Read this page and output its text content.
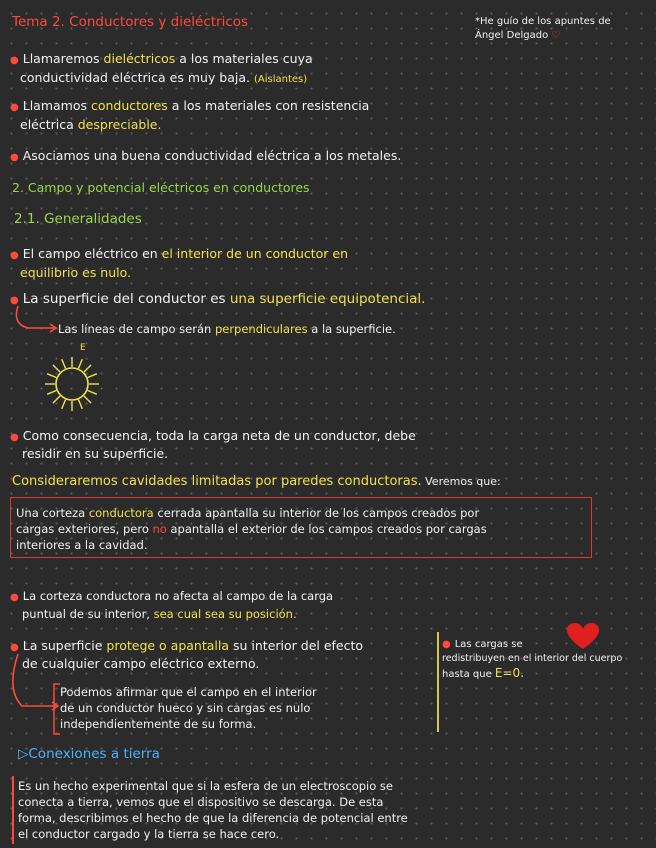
Tema 2. Conductores y dieléctricos	*He guío de los apuntes de
Ángel Delgado ♡
● Llamaremos dieléctricos a los materiales cuya
conductividad eléctrica es muy baja. (Aislantes)
● Llamamos conductores a los materiales con resistencia
eléctrica despreciable.
● Asociamos una buena conductividad eléctrica a los metales.
2. Campo y potencial eléctricos en conductores
2.1. Generalidades
● El campo eléctrico en el interior de un conductor en
equilibrio es nulo.
● La superficie del conductor es una superficie equipotencial.
Las líneas de campo serán perpendiculares a la superficie.
E
● Como consecuencia, toda la carga neta de un conductor, debe
residir en su superficie.
Consideraremos cavidades limitadas por paredes conductoras. Veremos que:
Una corteza conductora cerrada apantalla su interior de los campos creados por
cargas exteriores, pero no apantalla el exterior de los campos creados por cargas
interiores a la cavidad.
● La corteza conductora no afecta al campo de la carga
puntual de su interior, sea cual sea su posición.
● La superficie protege o apantalla su interior del efecto
de cualquier campo eléctrico externo.
Podemos afirmar que el campo en el interior
de un conductor hueco y sin cargas es nulo
independientemente de su forma.
● Las cargas se
redistribuyen en el interior del cuerpo
hasta que E=0.
▷Conexiones a tierra
Es un hecho experimental que si la esfera de un electroscopio se
conecta a tierra, vemos que el dispositivo se descarga. De esta
forma, describimos el hecho de que la diferencia de potencial entre
el conductor cargado y la tierra se hace cero.
